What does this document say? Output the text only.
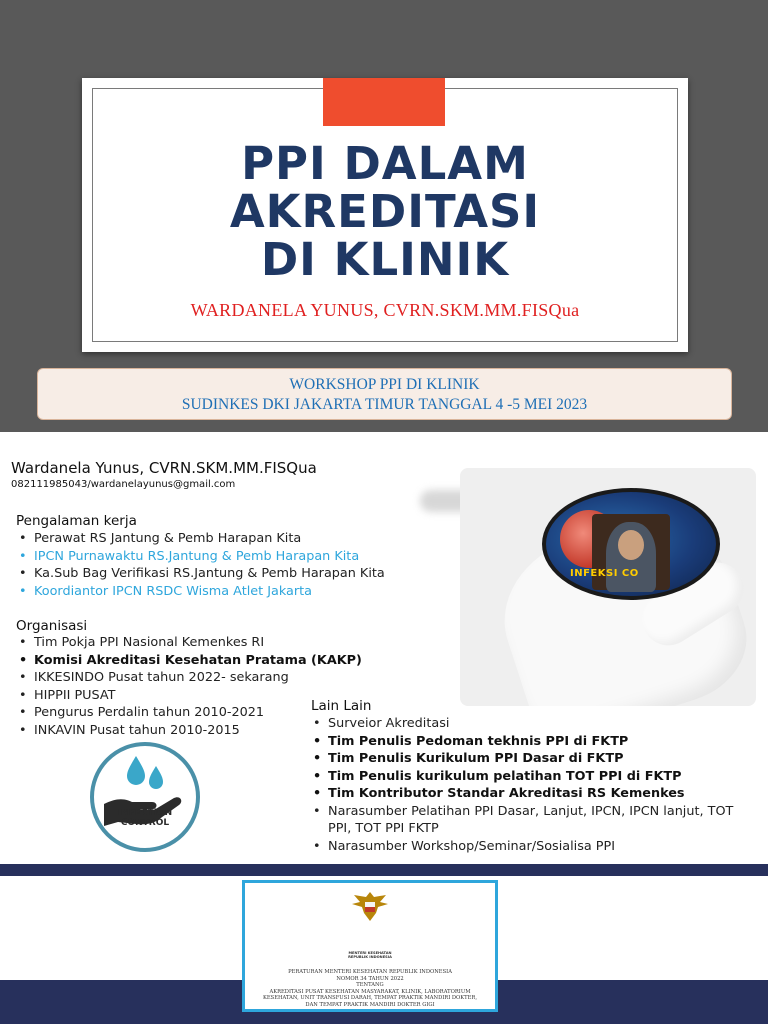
PPI DALAM
AKREDITASI
DI KLINIK
WARDANELA YUNUS, CVRN.SKM.MM.FISQua
WORKSHOP PPI DI KLINIK
SUDINKES DKI JAKARTA TIMUR TANGGAL 4 -5 MEI 2023
Wardanela Yunus, CVRN.SKM.MM.FISQua
082111985043/wardanelayunus@gmail.com
Pengalaman kerja
• Perawat RS Jantung & Pemb Harapan Kita
• IPCN Purnawaktu RS.Jantung & Pemb Harapan Kita
• Ka.Sub Bag Verifikasi RS.Jantung & Pemb Harapan Kita
• Koordiantor IPCN RSDC Wisma Atlet Jakarta
Organisasi
• Tim Pokja PPI Nasional Kemenkes RI
• Komisi Akreditasi Kesehatan Pratama (KAKP)
• IKKESINDO Pusat tahun 2022- sekarang
• HIPPII PUSAT
• Pengurus Perdalin tahun 2010-2021
• INKAVIN Pusat tahun 2010-2015
INFEKSI CO
INFECTION
CONTROL
Lain Lain
• Surveior Akreditasi
• Tim Penulis Pedoman tekhnis PPI di FKTP
• Tim Penulis Kurikulum PPI Dasar di FKTP
• Tim Penulis kurikulum pelatihan TOT PPI di FKTP
• Tim Kontributor Standar Akreditasi RS Kemenkes
• Narasumber Pelatihan PPI Dasar, Lanjut, IPCN, IPCN lanjut, TOT PPI, TOT PPI FKTP
• Narasumber Workshop/Seminar/Sosialisa PPI
MENTERI KESEHATAN
REPUBLIK INDONESIA
PERATURAN MENTERI KESEHATAN REPUBLIK INDONESIA
NOMOR 34 TAHUN 2022
TENTANG
AKREDITASI PUSAT KESEHATAN MASYARAKAT, KLINIK, LABORATORIUM
KESEHATAN, UNIT TRANSFUSI DARAH, TEMPAT PRAKTIK MANDIRI DOKTER,
DAN TEMPAT PRAKTIK MANDIRI DOKTER GIGI
